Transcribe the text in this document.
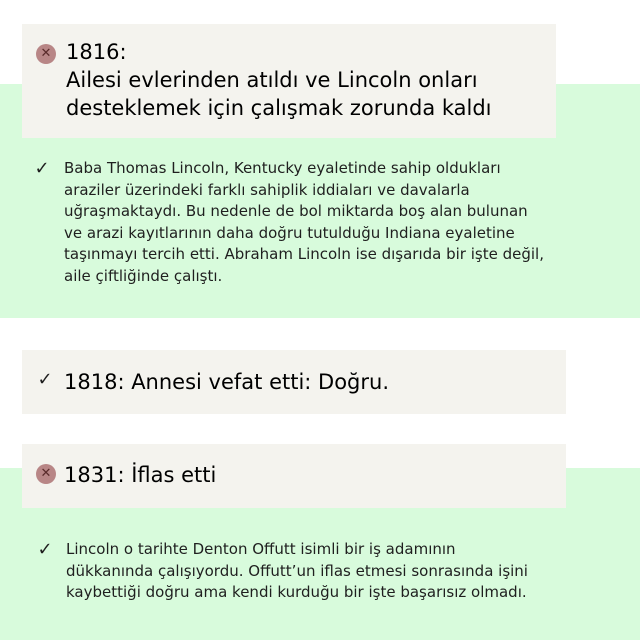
✕ 1816:
Ailesi evlerinden atıldı ve Lincoln onları
desteklemek için çalışmak zorunda kaldı
✓ Baba Thomas Lincoln, Kentucky eyaletinde sahip oldukları
araziler üzerindeki farklı sahiplik iddiaları ve davalarla
uğraşmaktaydı. Bu nedenle de bol miktarda boş alan bulunan
ve arazi kayıtlarının daha doğru tutulduğu Indiana eyaletine
taşınmayı tercih etti. Abraham Lincoln ise dışarıda bir işte değil,
aile çiftliğinde çalıştı.
✓ 1818: Annesi vefat etti: Doğru.
✕ 1831: İflas etti
✓ Lincoln o tarihte Denton Offutt isimli bir iş adamının
dükkanında çalışıyordu. Offutt’un iflas etmesi sonrasında işini
kaybettiği doğru ama kendi kurduğu bir işte başarısız olmadı.
